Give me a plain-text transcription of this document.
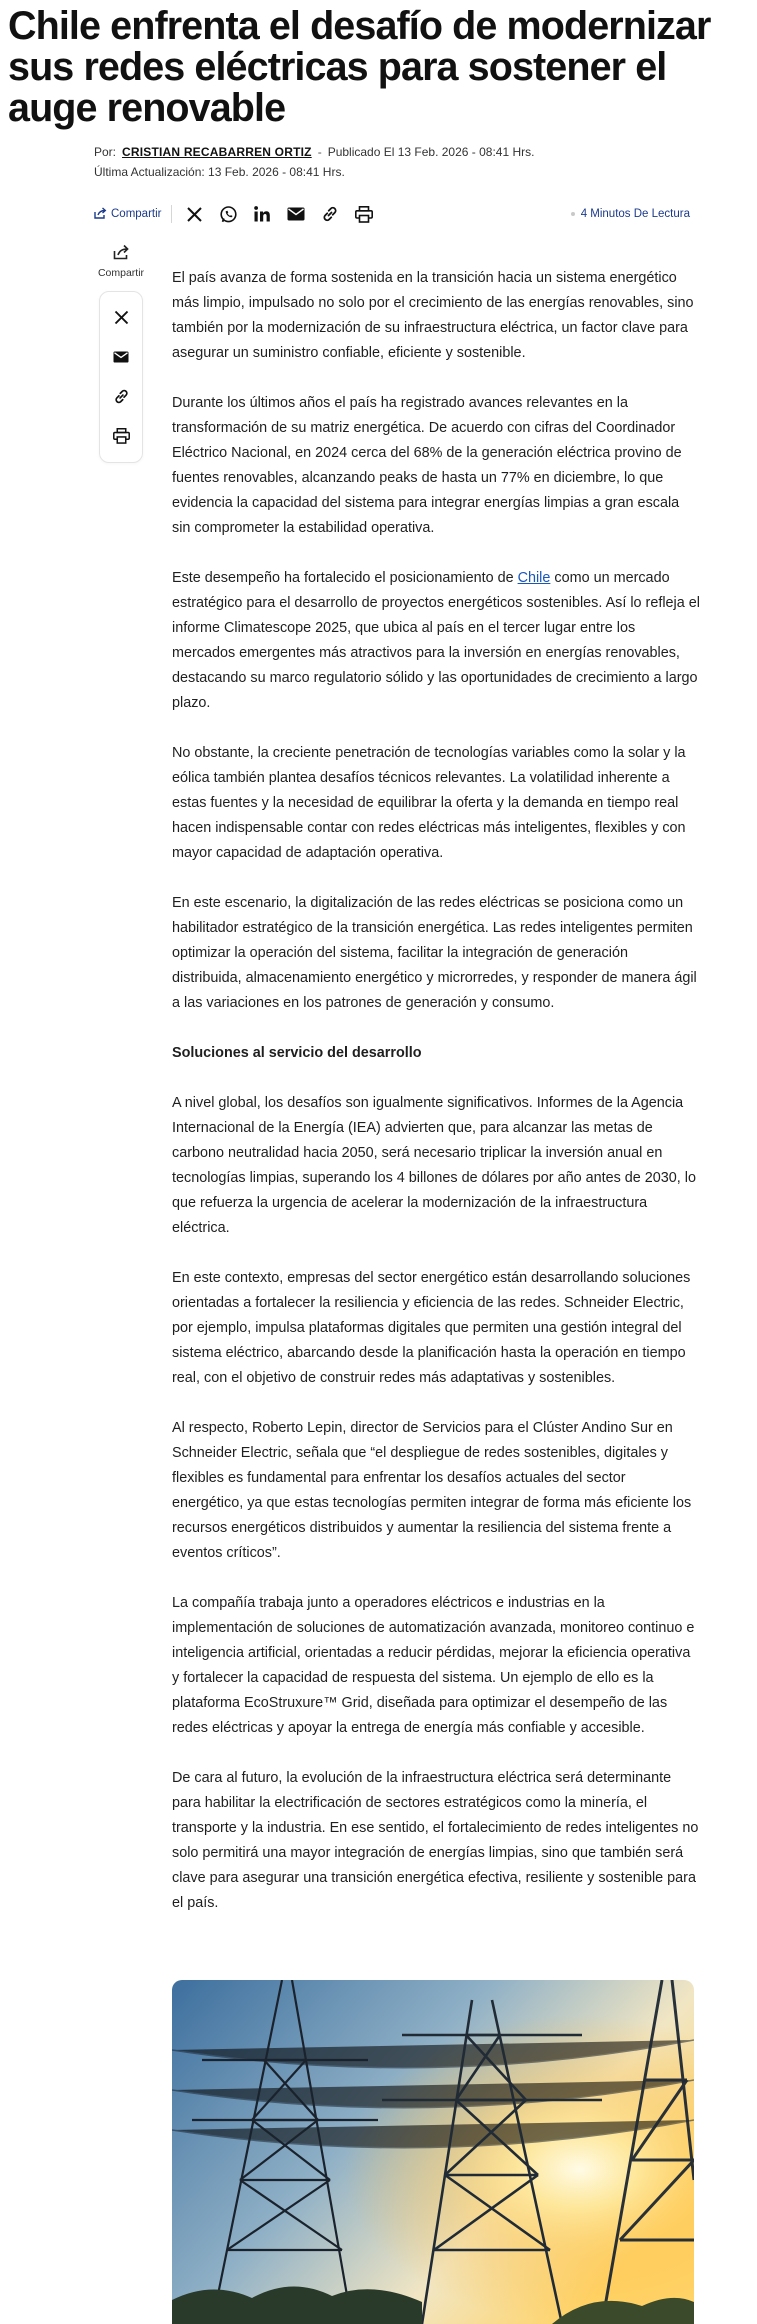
Chile enfrenta el desafío de modernizar sus redes eléctricas para sostener el auge renovable
Por: CRISTIAN RECABARREN ORTIZ - Publicado El 13 Feb. 2026 - 08:41 Hrs.
Última Actualización: 13 Feb. 2026 - 08:41 Hrs.
Compartir	4 Minutos De Lectura
Compartir El país avanza de forma sostenida en la transición hacia un sistema energético más limpio, impulsado no solo por el crecimiento de las energías renovables, sino también por la modernización de su infraestructura eléctrica, un factor clave para asegurar un suministro confiable, eficiente y sostenible.

Durante los últimos años el país ha registrado avances relevantes en la transformación de su matriz energética. De acuerdo con cifras del Coordinador Eléctrico Nacional, en 2024 cerca del 68% de la generación eléctrica provino de fuentes renovables, alcanzando peaks de hasta un 77% en diciembre, lo que evidencia la capacidad del sistema para integrar energías limpias a gran escala sin comprometer la estabilidad operativa.

Este desempeño ha fortalecido el posicionamiento de Chile como un mercado estratégico para el desarrollo de proyectos energéticos sostenibles. Así lo refleja el informe Climatescope 2025, que ubica al país en el tercer lugar entre los mercados emergentes más atractivos para la inversión en energías renovables, destacando su marco regulatorio sólido y las oportunidades de crecimiento a largo plazo.

No obstante, la creciente penetración de tecnologías variables como la solar y la eólica también plantea desafíos técnicos relevantes. La volatilidad inherente a estas fuentes y la necesidad de equilibrar la oferta y la demanda en tiempo real hacen indispensable contar con redes eléctricas más inteligentes, flexibles y con mayor capacidad de adaptación operativa.

En este escenario, la digitalización de las redes eléctricas se posiciona como un habilitador estratégico de la transición energética. Las redes inteligentes permiten optimizar la operación del sistema, facilitar la integración de generación distribuida, almacenamiento energético y microrredes, y responder de manera ágil a las variaciones en los patrones de generación y consumo.

Soluciones al servicio del desarrollo

A nivel global, los desafíos son igualmente significativos. Informes de la Agencia Internacional de la Energía (IEA) advierten que, para alcanzar las metas de carbono neutralidad hacia 2050, será necesario triplicar la inversión anual en tecnologías limpias, superando los 4 billones de dólares por año antes de 2030, lo que refuerza la urgencia de acelerar la modernización de la infraestructura eléctrica.

En este contexto, empresas del sector energético están desarrollando soluciones orientadas a fortalecer la resiliencia y eficiencia de las redes. Schneider Electric, por ejemplo, impulsa plataformas digitales que permiten una gestión integral del sistema eléctrico, abarcando desde la planificación hasta la operación en tiempo real, con el objetivo de construir redes más adaptativas y sostenibles.

Al respecto, Roberto Lepin, director de Servicios para el Clúster Andino Sur en Schneider Electric, señala que “el despliegue de redes sostenibles, digitales y flexibles es fundamental para enfrentar los desafíos actuales del sector energético, ya que estas tecnologías permiten integrar de forma más eficiente los recursos energéticos distribuidos y aumentar la resiliencia del sistema frente a eventos críticos”.

La compañía trabaja junto a operadores eléctricos e industrias en la implementación de soluciones de automatización avanzada, monitoreo continuo e inteligencia artificial, orientadas a reducir pérdidas, mejorar la eficiencia operativa y fortalecer la capacidad de respuesta del sistema. Un ejemplo de ello es la plataforma EcoStruxure™ Grid, diseñada para optimizar el desempeño de las redes eléctricas y apoyar la entrega de energía más confiable y accesible.

De cara al futuro, la evolución de la infraestructura eléctrica será determinante para habilitar la electrificación de sectores estratégicos como la minería, el transporte y la industria. En ese sentido, el fortalecimiento de redes inteligentes no solo permitirá una mayor integración de energías limpias, sino que también será clave para asegurar una transición energética efectiva, resiliente y sostenible para el país.
